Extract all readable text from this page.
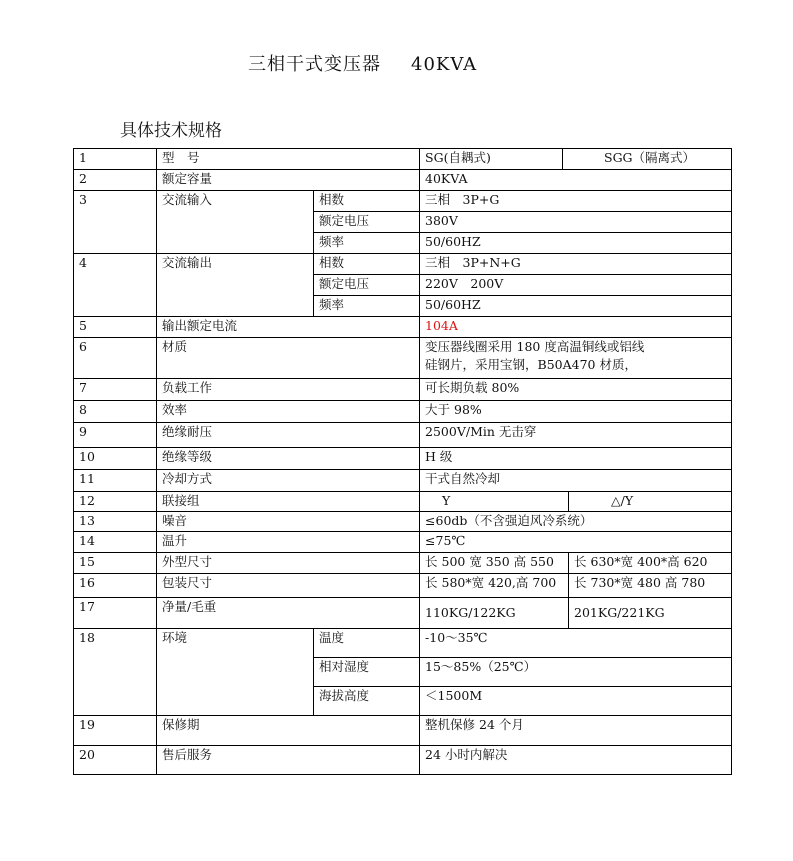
三相干式变压器 40KVA
具体技术规格
1	型　号		SG(自耦式)	SGG（隔离式）	
2	额定容量		40KVA		
3	交流输入	相数	三相　3P+G		
		额定电压	380V		
		频率	50/60HZ		
4	交流输出	相数	三相　3P+N+G		
		额定电压	220V　200V		
		频率	50/60HZ		
5	输出额定电流		104A		
6	材质		变压器线圈采用 180 度高温铜线或铝线
硅钢片，采用宝钢，B50A470 材质，		

7	负载工作		可长期负载 80%		
8	效率		大于 98%		
9	绝缘耐压		2500V/Min 无击穿		
10	绝缘等级		H 级		
11	冷却方式		干式自然冷却		
12	联接组		Y		△/Y
13	噪音		≤60db（不含强迫风冷系统）		
14	温升		≤75℃		
15	外型尺寸		长 500 宽 350 高 550		长 630*宽 400*高 620
16	包装尺寸		长 580*宽 420,高 700		长 730*宽 480 高 780
17	净量/毛重		110KG/122KG		201KG/221KG
18	环境	温度	-10～35℃		
		相对湿度	15～85%（25℃）		
		海拔高度	＜1500M		
19	保修期		整机保修 24 个月		
20	售后服务		24 小时内解决		
